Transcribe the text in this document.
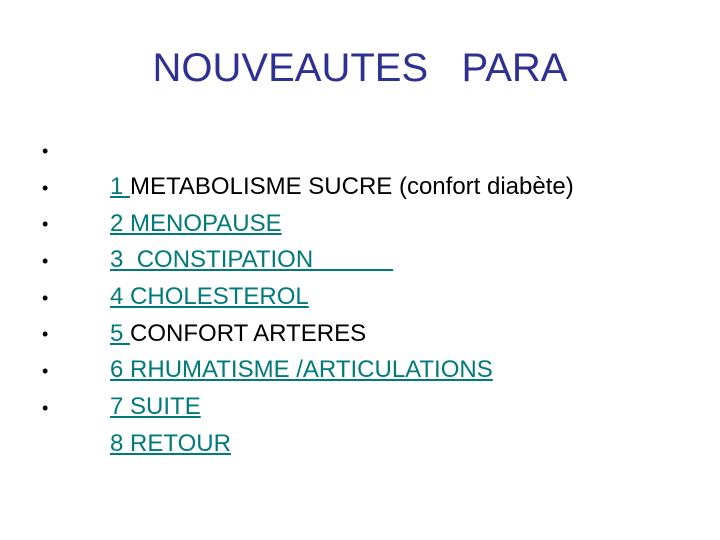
NOUVEAUTES   PARA

•
1 METABOLISME SUCRE (confort diabète)

•
2 MENOPAUSE

•
3  CONSTIPATION

•
4 CHOLESTEROL

•
5 CONFORT ARTERES

•
6 RHUMATISME /ARTICULATIONS

•
7 SUITE

•
8 RETOUR
